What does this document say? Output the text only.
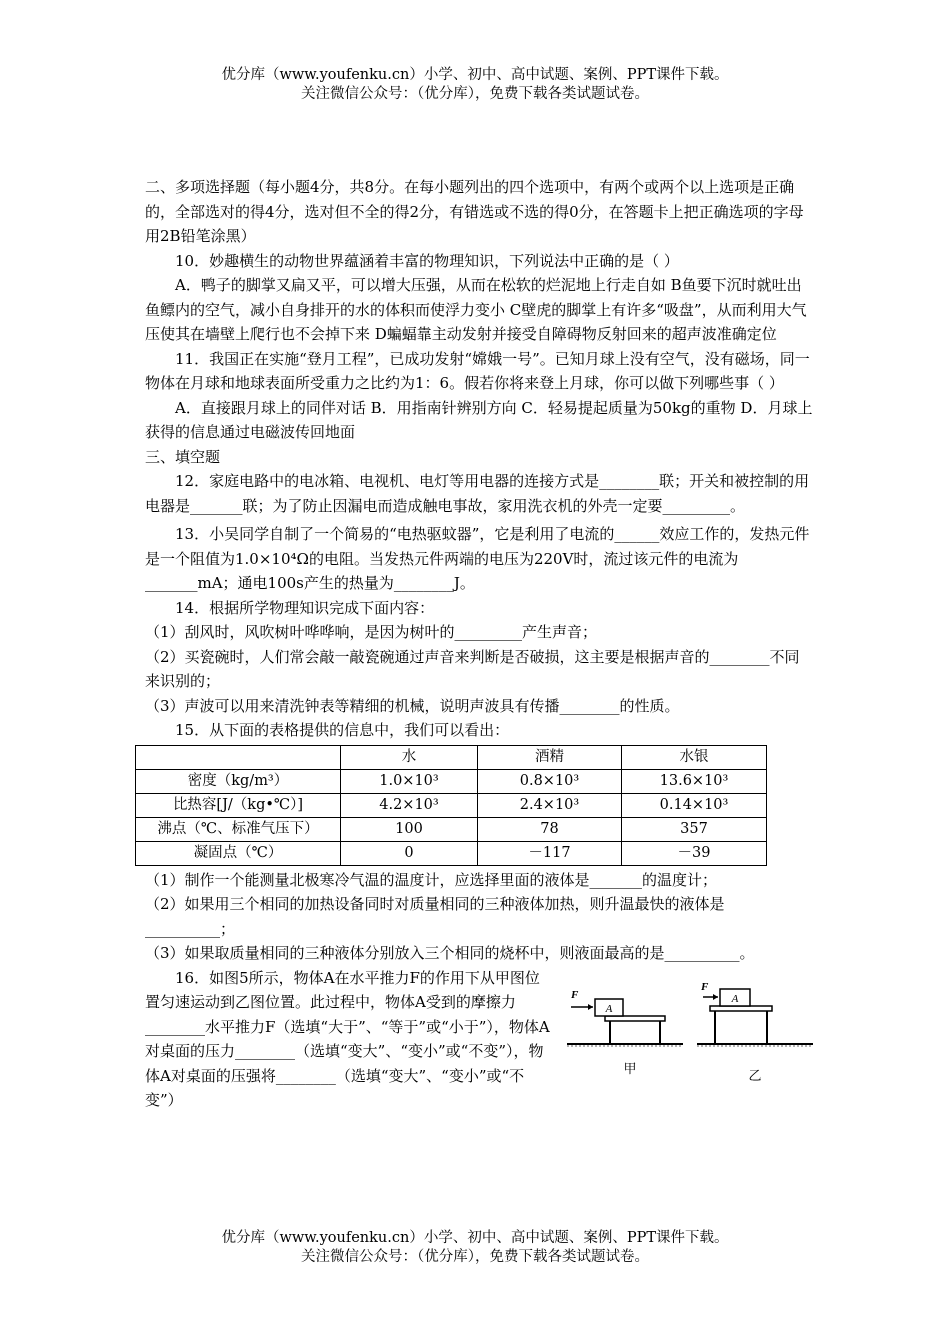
优分库（www.youfenku.cn）小学、初中、高中试题、案例、PPT课件下载。
关注微信公众号：（优分库），免费下载各类试题试卷。

二、多项选择题（每小题4分，共8分。在每小题列出的四个选项中，有两个或两个以上选项是正确的，全部选对的得4分，选对但不全的得2分，有错选或不选的得0分，在答题卡上把正确选项的字母用2B铅笔涂黑）

10．妙趣横生的动物世界蕴涵着丰富的物理知识，下列说法中正确的是（ ）

A．鸭子的脚掌又扁又平，可以增大压强，从而在松软的烂泥地上行走自如 B鱼要下沉时就吐出鱼鳔内的空气，减小自身排开的水的体积而使浮力变小 C壁虎的脚掌上有许多“吸盘”，从而利用大气压使其在墙壁上爬行也不会掉下来 D蝙蝠靠主动发射并接受自障碍物反射回来的超声波准确定位

11．我国正在实施“登月工程”，已成功发射“嫦娥一号”。已知月球上没有空气，没有磁场，同一物体在月球和地球表面所受重力之比约为1：6。假若你将来登上月球，你可以做下列哪些事（ ）

A．直接跟月球上的同伴对话 B．用指南针辨别方向 C．轻易提起质量为50kg的重物 D．月球上获得的信息通过电磁波传回地面

三、填空题

12．家庭电路中的电冰箱、电视机、电灯等用电器的连接方式是________联；开关和被控制的用电器是_______联；为了防止因漏电而造成触电事故，家用洗衣机的外壳一定要_________。

13．小吴同学自制了一个简易的“电热驱蚊器”，它是利用了电流的______效应工作的，发热元件是一个阻值为1.0×10⁴Ω的电阻。当发热元件两端的电压为220V时，流过该元件的电流为_______mA；通电100s产生的热量为________J。

14．根据所学物理知识完成下面内容：

（1）刮风时，风吹树叶哗哗响，是因为树叶的_________产生声音；

（2）买瓷碗时，人们常会敲一敲瓷碗通过声音来判断是否破损，这主要是根据声音的________不同来识别的；

（3）声波可以用来清洗钟表等精细的机械，说明声波具有传播________的性质。

15．从下面的表格提供的信息中，我们可以看出：

	水	酒精	水银
密度（kg/m³）	1.0×10³	0.8×10³	13.6×10³
比热容[J/（kg•℃）]	4.2×10³	2.4×10³	0.14×10³
沸点（℃、标准气压下）	100	78	357
凝固点（℃）	0	－117	－39

（1）制作一个能测量北极寒冷气温的温度计，应选择里面的液体是_______的温度计；

（2）如果用三个相同的加热设备同时对质量相同的三种液体加热，则升温最快的液体是__________；

（3）如果取质量相同的三种液体分别放入三个相同的烧杯中，则液面最高的是__________。

16．如图5所示，物体A在水平推力F的作用下从甲图位置匀速运动到乙图位置。此过程中，物体A受到的摩擦力________水平推力F（选填“大于”、“等于”或“小于”），物体A对桌面的压力________（选填“变大”、“变小”或“不变”），物体A对桌面的压强将________（选填“变大”、“变小”或“不变”）

A
F
甲
A
F
乙
优分库（www.youfenku.cn）小学、初中、高中试题、案例、PPT课件下载。
关注微信公众号：（优分库），免费下载各类试题试卷。
